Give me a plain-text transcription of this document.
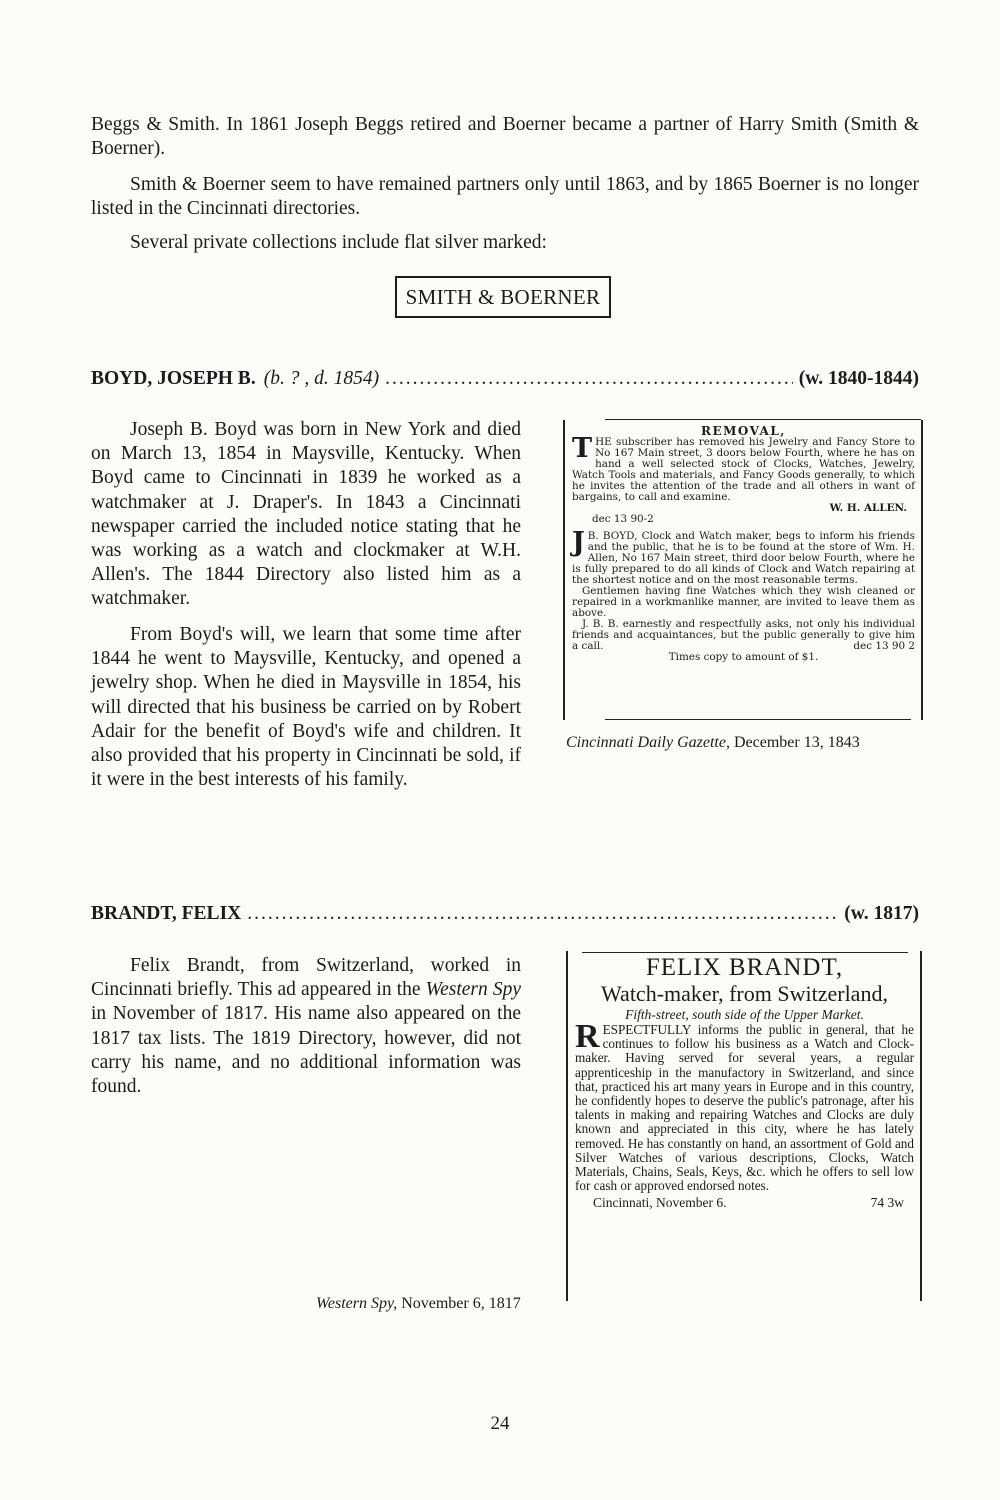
Beggs & Smith. In 1861 Joseph Beggs retired and Boerner became a partner of Harry Smith (Smith & Boerner).
Smith & Boerner seem to have remained partners only until 1863, and by 1865 Boerner is no longer listed in the Cincinnati directories.
Several private collections include flat silver marked:
SMITH & BOERNER
BOYD, JOSEPH B. (b. ? , d. 1854) .....	(w. 1840-1844)
Joseph B. Boyd was born in New York and died on March 13, 1854 in Maysville, Kentucky. When Boyd came to Cincinnati in 1839 he worked as a watchmaker at J. Draper's. In 1843 a Cincinnati newspaper carried the included notice stating that he was working as a watch and clockmaker at W.H. Allen's. The 1844 Directory also listed him as a watchmaker.
From Boyd's will, we learn that some time after 1844 he went to Maysville, Kentucky, and opened a jewelry shop. When he died in Maysville in 1854, his will directed that his business be carried on by Robert Adair for the benefit of Boyd's wife and children. It also provided that his property in Cincinnati be sold, if it were in the best interests of his family.
REMOVAL,

THE subscriber has removed his Jewelry and Fancy Store to No 167 Main street, 3 doors below Fourth, where he has on hand a well selected stock of Clocks, Watches, Jewelry, Watch Tools and materials, and Fancy Goods generally, to which he invites the attention of the trade and all others in want of bargains, to call and examine.

W. H. ALLEN.

dec 13 90-2

J B. BOYD, Clock and Watch maker, begs to inform his friends and the public, that he is to be found at the store of Wm. H. Allen, No 167 Main street, third door below Fourth, where he is fully prepared to do all kinds of Clock and Watch repairing at the shortest notice and on the most reasonable terms.

Gentlemen having fine Watches which they wish cleaned or repaired in a workmanlike manner, are invited to leave them as above.

J. B. B. earnestly and respectfully asks, not only his individual friends and acquaintances, but the public generally to give him a call.	dec 13 90 2

Times copy to amount of $1.

Cincinnati Daily Gazette, December 13, 1843
BRANDT, FELIX .....	(w. 1817)
Felix Brandt, from Switzerland, worked in Cincinnati briefly. This ad appeared in the Western Spy in November of 1817. His name also appeared on the 1817 tax lists. The 1819 Directory, however, did not carry his name, and no additional information was found.
Western Spy, November 6, 1817
FELIX BRANDT,
Watch-maker, from Switzerland,
Fifth-street, south side of the Upper Market.
RESPECTFULLY informs the public in general, that he continues to follow his business as a Watch and Clock-maker. Having served for several years, a regular apprenticeship in the manufactory in Switzerland, and since that, practiced his art many years in Europe and in this country, he confidently hopes to deserve the public's patronage, after his talents in making and repairing Watches and Clocks are duly known and appreciated in this city, where he has lately removed. He has constantly on hand, an assortment of Gold and Silver Watches of various descriptions, Clocks, Watch Materials, Chains, Seals, Keys, &c. which he offers to sell low for cash or approved endorsed notes.
Cincinnati, November 6.	74 3w
24
